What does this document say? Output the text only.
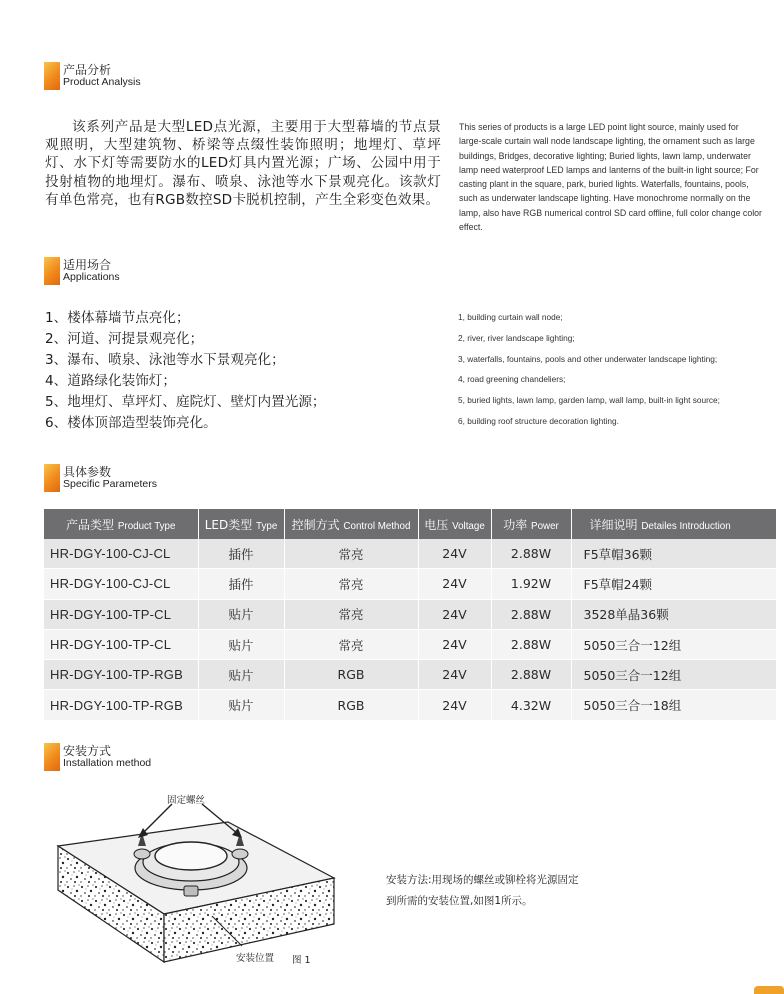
产品分析
Product Analysis
该系列产品是大型LED点光源，主要用于大型幕墙的节点景观照明，大型建筑物、桥梁等点缀性装饰照明；地埋灯、草坪灯、水下灯等需要防水的LED灯具内置光源；广场、公园中用于投射植物的地埋灯。瀑布、喷泉、泳池等水下景观亮化。该款灯有单色常亮，也有RGB数控SD卡脱机控制，产生全彩变色效果。
This series of products is a large LED point light source, mainly used for large-scale curtain wall node landscape lighting, the ornament such as large buildings, Bridges, decorative lighting; Buried lights, lawn lamp, underwater lamp need waterproof LED lamps and lanterns of the built-in light source; For casting plant in the square, park, buried lights. Waterfalls, fountains, pools, such as underwater landscape lighting. Have monochrome normally on the lamp, also have RGB numerical control SD card offline, full color change color effect.
适用场合
Applications
1、楼体幕墙节点亮化；
2、河道、河提景观亮化；
3、瀑布、喷泉、泳池等水下景观亮化；
4、道路绿化装饰灯；
5、地埋灯、草坪灯、庭院灯、壁灯内置光源；
6、楼体顶部造型装饰亮化。
1, building curtain wall node;
2, river, river landscape lighting;
3, waterfalls, fountains, pools and other underwater landscape lighting;
4, road greening chandeliers;
5, buried lights, lawn lamp, garden lamp, wall lamp, built-in light source;
6, building roof structure decoration lighting.
具体参数
Specific Parameters
产品类型 Product Type	LED类型 Type	控制方式 Control Method	电压 Voltage	功率 Power	详细说明 Detailes Introduction
HR-DGY-100-CJ-CL	插件	常亮	24V	2.88W	F5草帽36颗
HR-DGY-100-CJ-CL	插件	常亮	24V	1.92W	F5草帽24颗
HR-DGY-100-TP-CL	贴片	常亮	24V	2.88W	3528单晶36颗
HR-DGY-100-TP-CL	贴片	常亮	24V	2.88W	5050三合一12组
HR-DGY-100-TP-RGB	贴片	RGB	24V	2.88W	5050三合一12组
HR-DGY-100-TP-RGB	贴片	RGB	24V	4.32W	5050三合一18组
安装方式
Installation method
固定螺丝
安装位置 图 1
安装方法:用现场的螺丝或铆栓将光源固定
到所需的安装位置,如图1所示。
